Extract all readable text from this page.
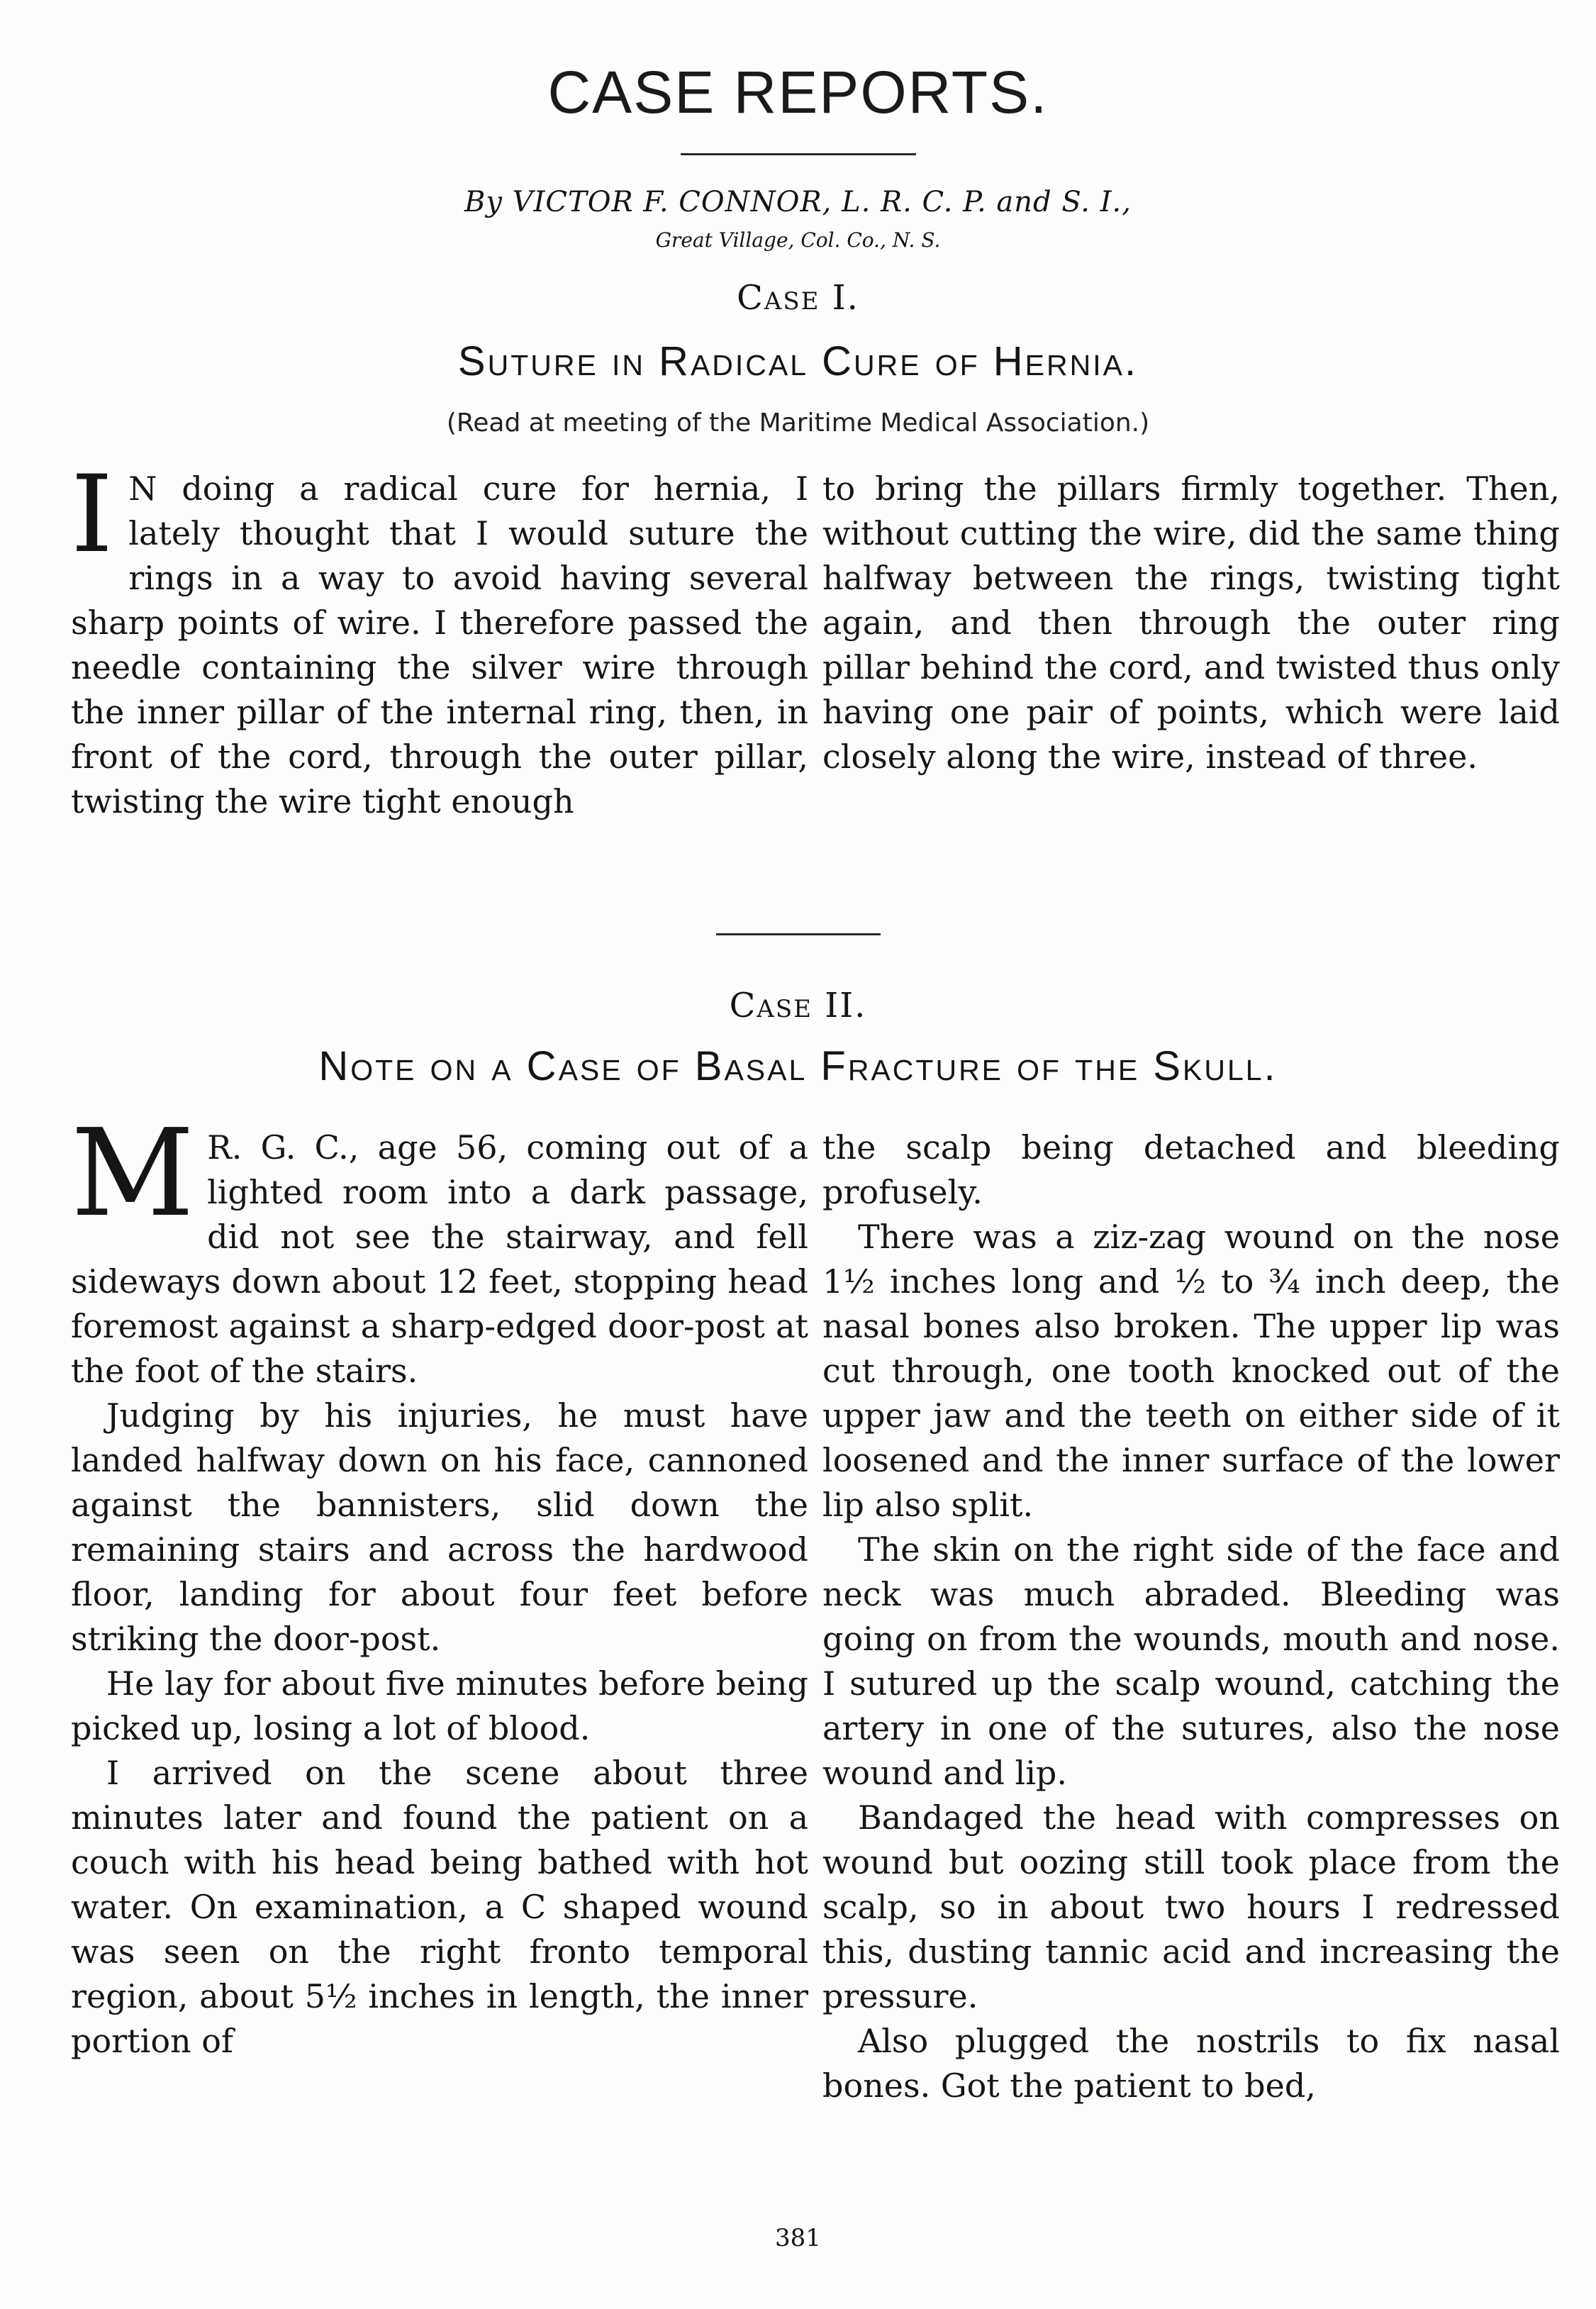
CASE REPORTS.
By VICTOR F. CONNOR, L. R. C. P. and S. I.,
Great Village, Col. Co., N. S.
Case I.
Suture in Radical Cure of Hernia.
(Read at meeting of the Maritime Medical Association.)
I N doing a radical cure for hernia, I lately thought that I would suture the rings in a way to avoid having several sharp points of wire. I therefore passed the needle containing the silver wire through the inner pillar of the internal ring, then, in front of the cord, through the outer pillar, twisting the wire tight enough

to bring the pillars firmly together. Then, without cutting the wire, did the same thing halfway between the rings, twisting tight again, and then through the outer ring pillar behind the cord, and twisted thus only having one pair of points, which were laid closely along the wire, instead of three.

Case II.
Note on a Case of Basal Fracture of the Skull.
M R. G. C., age 56, coming out of a lighted room into a dark passage, did not see the stairway, and fell sideways down about 12 feet, stopping head foremost against a sharp-edged door-post at the foot of the stairs.

Judging by his injuries, he must have landed halfway down on his face, cannoned against the bannisters, slid down the remaining stairs and across the hardwood floor, landing for about four feet before striking the door-post.

He lay for about five minutes before being picked up, losing a lot of blood.

I arrived on the scene about three minutes later and found the patient on a couch with his head being bathed with hot water. On examination, a C shaped wound was seen on the right fronto temporal region, about 5½ inches in length, the inner portion of

the scalp being detached and bleeding profusely.

There was a ziz-zag wound on the nose 1½ inches long and ½ to ¾ inch deep, the nasal bones also broken. The upper lip was cut through, one tooth knocked out of the upper jaw and the teeth on either side of it loosened and the inner surface of the lower lip also split.

The skin on the right side of the face and neck was much abraded. Bleeding was going on from the wounds, mouth and nose. I sutured up the scalp wound, catching the artery in one of the sutures, also the nose wound and lip.

Bandaged the head with compresses on wound but oozing still took place from the scalp, so in about two hours I redressed this, dusting tannic acid and increasing the pressure.

Also plugged the nostrils to fix nasal bones. Got the patient to bed,

381
